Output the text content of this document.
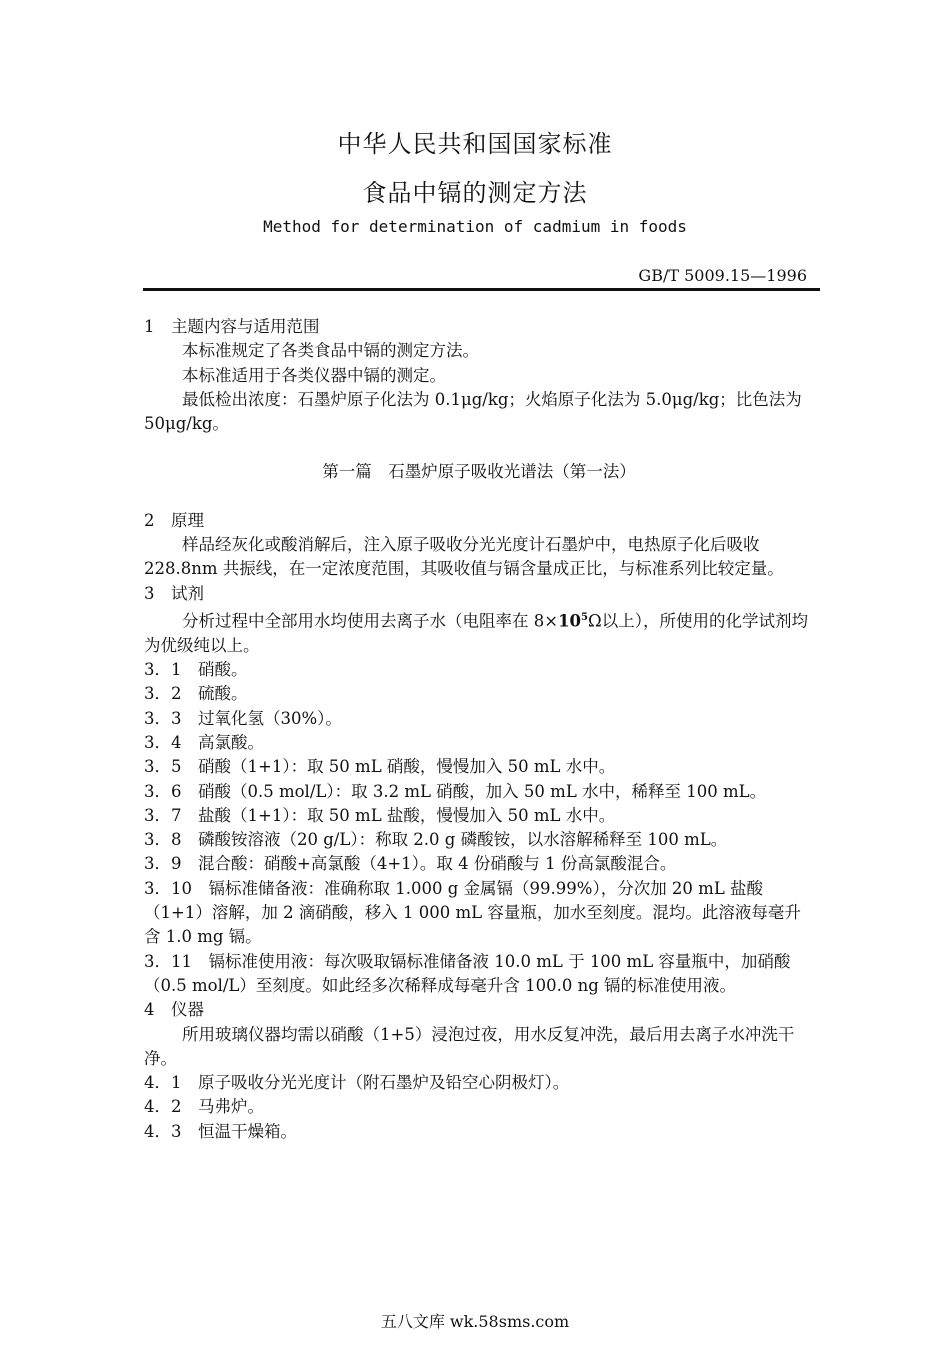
中华人民共和国国家标准
食品中镉的测定方法
Method for determination of cadmium in foods
GB/T 5009.15—1996

1　主题内容与适用范围

本标准规定了各类食品中镉的测定方法。

本标准适用于各类仪器中镉的测定。

最低检出浓度：石墨炉原子化法为 0.1μg/kg；火焰原子化法为 5.0μg/kg；比色法为 50μg/kg。

第一篇　石墨炉原子吸收光谱法（第一法）

2　原理

样品经灰化或酸消解后，注入原子吸收分光光度计石墨炉中，电热原子化后吸收 228.8nm 共振线，在一定浓度范围，其吸收值与镉含量成正比，与标准系列比较定量。

3　试剂

分析过程中全部用水均使用去离子水（电阻率在 $8\times 10^5\Omega$以上），所使用的化学试剂均为优级纯以上。

3．1　硝酸。

3．2　硫酸。

3．3　过氧化氢（30%）。

3．4　高氯酸。

3．5　硝酸（1+1）：取 50 mL 硝酸，慢慢加入 50 mL 水中。

3．6　硝酸（0.5 mol/L）：取 3.2 mL 硝酸，加入 50 mL 水中，稀释至 100 mL。

3．7　盐酸（1+1）：取 50 mL 盐酸，慢慢加入 50 mL 水中。

3．8　磷酸铵溶液（20 g/L）：称取 2.0 g 磷酸铵，以水溶解稀释至 100 mL。

3．9　混合酸：硝酸+高氯酸（4+1）。取 4 份硝酸与 1 份高氯酸混合。

3．10　镉标准储备液：准确称取 1.000 g 金属镉（99.99%），分次加 20 mL 盐酸（1+1）溶解，加 2 滴硝酸，移入 1 000 mL 容量瓶，加水至刻度。混均。此溶液每毫升含 1.0 mg 镉。

3．11　镉标准使用液：每次吸取镉标准储备液 10.0 mL 于 100 mL 容量瓶中，加硝酸（0.5 mol/L）至刻度。如此经多次稀释成每毫升含 100.0 ng 镉的标准使用液。

4　仪器

所用玻璃仪器均需以硝酸（1+5）浸泡过夜，用水反复冲洗，最后用去离子水冲洗干净。

4．1　原子吸收分光光度计（附石墨炉及铅空心阴极灯）。

4．2　马弗炉。

4．3　恒温干燥箱。

五八文库 wk.58sms.com
